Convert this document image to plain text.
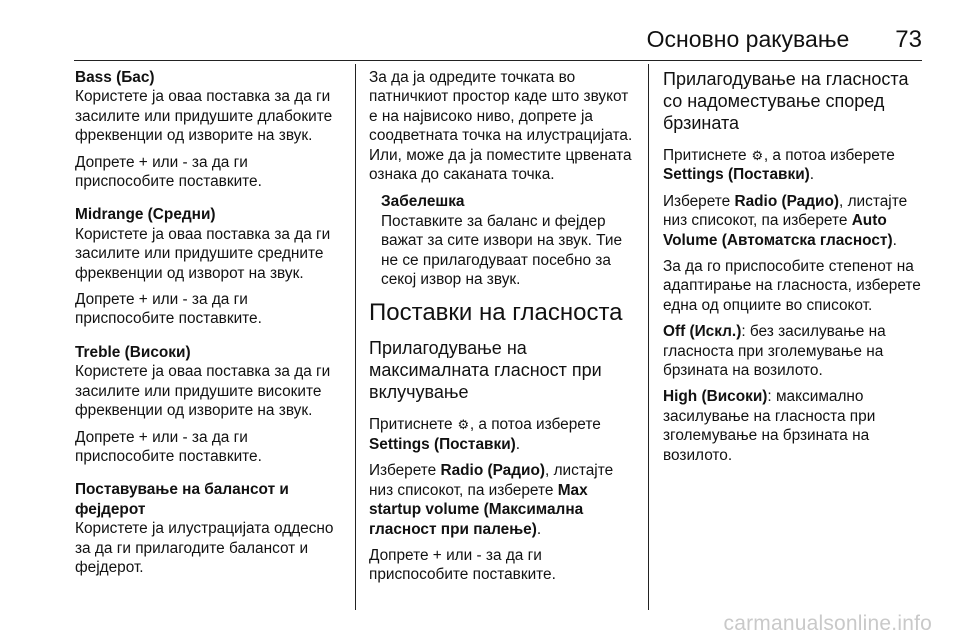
Основно ракување 73
Bass (Бас)

Користете ја оваа поставка за да ги засилите или придушите длабоките фреквенции од изворите на звук.

Допрете + или - за да ги приспособите поставките.

Midrange (Средни)

Користете ја оваа поставка за да ги засилите или придушите средните фреквенции од изворот на звук.

Допрете + или - за да ги приспособите поставките.

Treble (Високи)

Користете ја оваа поставка за да ги засилите или придушите високите фреквенции од изворите на звук.

Допрете + или - за да ги приспособите поставките.

Поставување на балансот и фејдерот

Користете ја илустрацијата оддесно за да ги прилагодите балансот и фејдерот.

За да ја одредите точката во патничкиот простор каде што звукот е на највисоко ниво, допрете ја соодветната точка на илустрацијата. Или, може да ја поместите црвената ознака до саканата точка.

Забелешка
Поставките за баланс и фејдер важат за сите извори на звук. Тие не се прилагодуваат посебно за секој извор на звук.
Поставки на гласноста
Прилагодување на максималната гласност при вклучување

Притиснете ⚙, а потоа изберете Settings (Поставки).

Изберете Radio (Радио), листајте низ списокот, па изберете Max startup volume (Максимална гласност при палење).

Допрете + или - за да ги приспособите поставките.

Прилагодување на гласноста со надоместување според брзината

Притиснете ⚙, а потоа изберете Settings (Поставки).

Изберете Radio (Радио), листајте низ списокот, па изберете Auto Volume (Автоматска гласност).

За да го приспособите степенот на адаптирање на гласноста, изберете една од опциите во списокот.

Off (Искл.): без засилување на гласноста при зголемување на брзината на возилото.

High (Високи): максимално засилување на гласноста при зголемување на брзината на возилото.

carmanualsonline.info
